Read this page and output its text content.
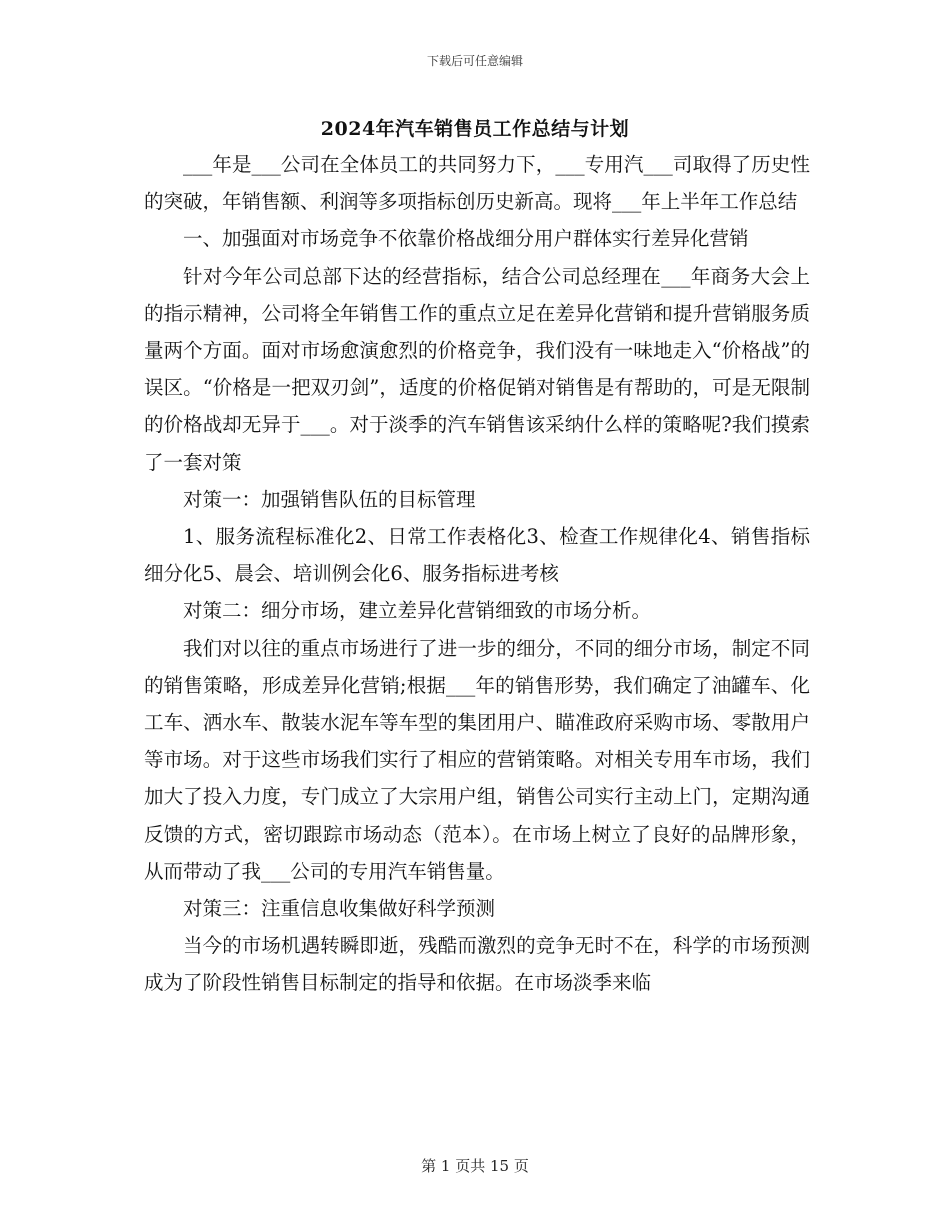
下载后可任意编辑
2024年汽车销售员工作总结与计划

___年是___公司在全体员工的共同努力下，___专用汽___司取得了历史性的突破，年销售额、利润等多项指标创历史新高。现将___年上半年工作总结

一、加强面对市场竞争不依靠价格战细分用户群体实行差异化营销

针对今年公司总部下达的经营指标，结合公司总经理在___年商务大会上的指示精神，公司将全年销售工作的重点立足在差异化营销和提升营销服务质量两个方面。面对市场愈演愈烈的价格竞争，我们没有一味地走入“价格战”的误区。“价格是一把双刃剑”，适度的价格促销对销售是有帮助的，可是无限制的价格战却无异于___。对于淡季的汽车销售该采纳什么样的策略呢?我们摸索了一套对策

对策一：加强销售队伍的目标管理

1、服务流程标准化2、日常工作表格化3、检查工作规律化4、销售指标细分化5、晨会、培训例会化6、服务指标进考核

对策二：细分市场，建立差异化营销细致的市场分析。

我们对以往的重点市场进行了进一步的细分，不同的细分市场，制定不同的销售策略，形成差异化营销;根据___年的销售形势，我们确定了油罐车、化工车、洒水车、散装水泥车等车型的集团用户、瞄准政府采购市场、零散用户等市场。对于这些市场我们实行了相应的营销策略。对相关专用车市场，我们加大了投入力度，专门成立了大宗用户组，销售公司实行主动上门，定期沟通反馈的方式，密切跟踪市场动态（范本）。在市场上树立了良好的品牌形象，从而带动了我___公司的专用汽车销售量。

对策三：注重信息收集做好科学预测

当今的市场机遇转瞬即逝，残酷而激烈的竞争无时不在，科学的市场预测成为了阶段性销售目标制定的指导和依据。在市场淡季来临

第 1 页共 15 页
